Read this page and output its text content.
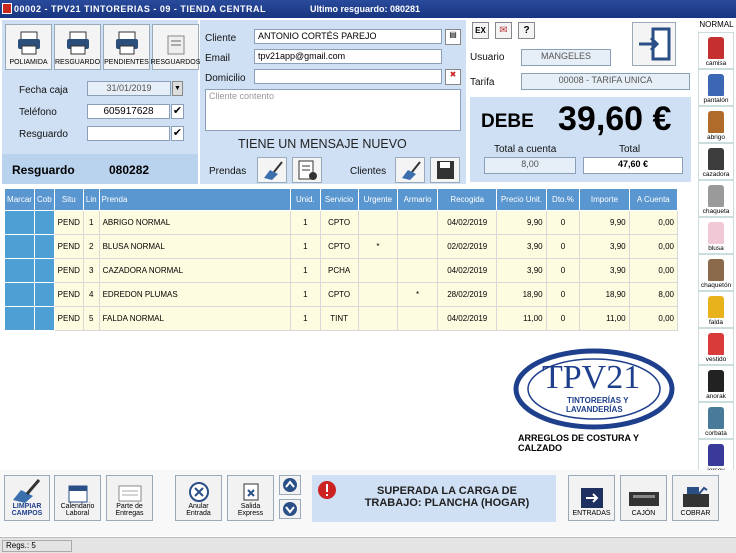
00002 - TPV21 TINTORERIAS - 09 - TIENDA CENTRAL	Ultimo resguardo: 080281
POLIAMIDA RESGUARDO PENDIENTES RESGUARDOS
Fecha caja	31/01/2019	▼
Teléfono	605917628	✔
Resguardo	✔
Resguardo	080282
Cliente	ANTONIO CORTÉS PAREJO	▤
Email	tpv21app@gmail.com
Domicilio	✖
Cliente contento
TIENE UN MENSAJE NUEVO
Prendas	Clientes
EX	✉	?
Usuario	MANGELES
Tarifa	00008 - TARIFA UNICA
DEBE 39,60 €
Total a cuenta
8,00
Total
47,60 €
Marcar	Cob	Situ	Lin	Prenda	Unid.	Servicio	Urgente	Armario	Recogida	Precio Unit.	Dto.%	Importe	A Cuenta
		PEND	1	ABRIGO NORMAL	1	CPTO			04/02/2019	9,90	0	9,90	0,00
		PEND	2	BLUSA NORMAL	1	CPTO	*		02/02/2019	3,90	0	3,90	0,00
		PEND	3	CAZADORA NORMAL	1	PCHA			04/02/2019	3,90	0	3,90	0,00
		PEND	4	EDREDON PLUMAS	1	CPTO		*	28/02/2019	18,90	0	18,90	8,00
		PEND	5	FALDA NORMAL	1	TINT			04/02/2019	11,00	0	11,00	0,00
TPV21
TINTORERÍAS Y
LAVANDERÍAS
ARREGLOS DE COSTURA Y CALZADO
NORMAL
camisa
pantalón
abrigo
cazadora
chaqueta
blusa
chaquetón
falda
vestido
anorak
corbata
LIMPIAR CAMPOS
Calendario Laboral
Parte de Entregas
Anular Entrada
Salida Express
SUPERADA LA CARGA DE TRABAJO: PLANCHA (HOGAR)
ENTRADAS	CAJÓN	COBRAR
Regs.: 5
